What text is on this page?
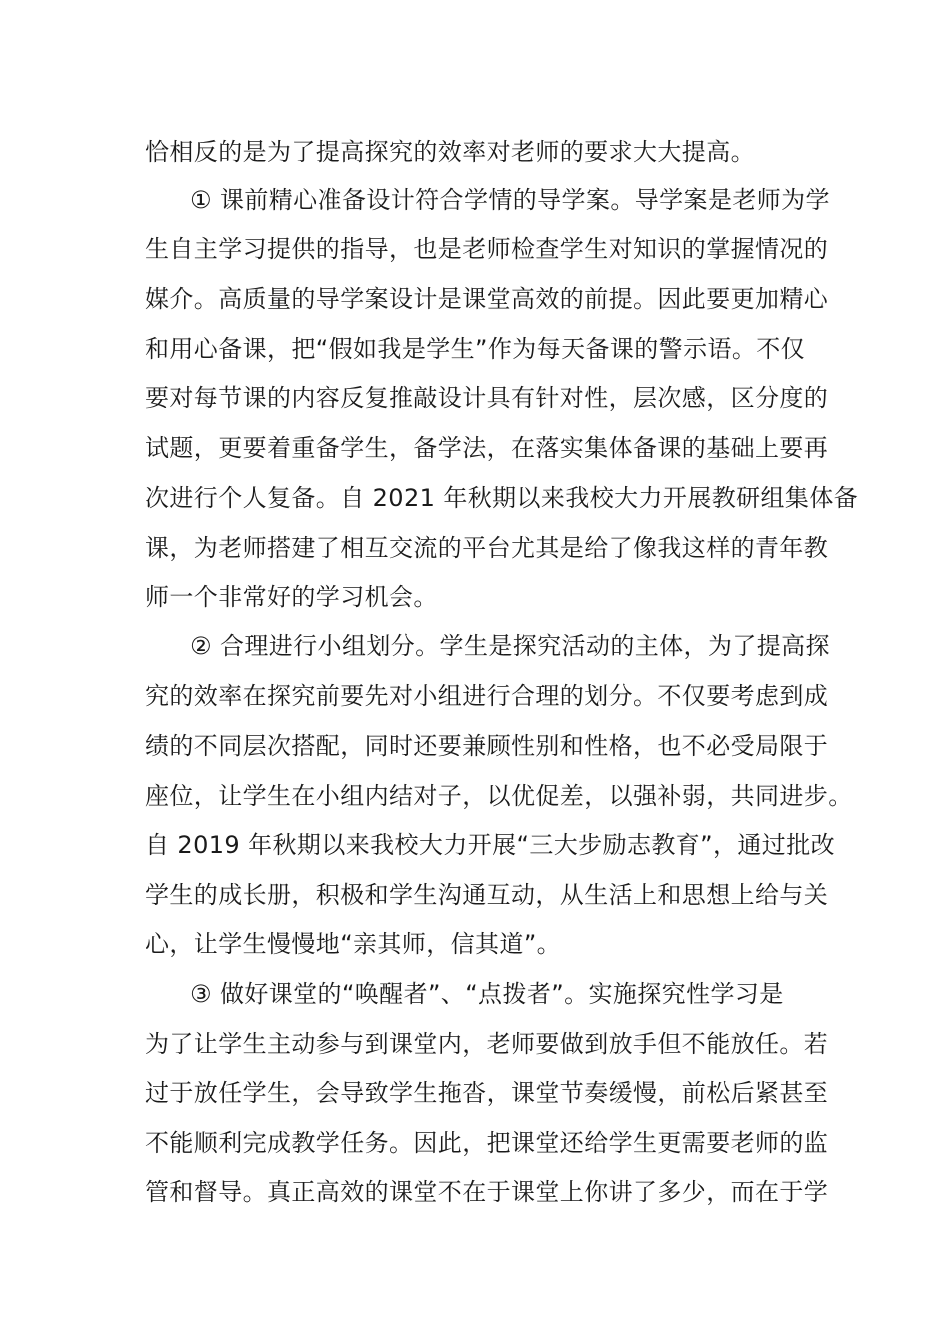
恰相反的是为了提高探究的效率对老师的要求大大提高。
① 课前精心准备设计符合学情的导学案。导学案是老师为学
生自主学习提供的指导，也是老师检查学生对知识的掌握情况的
媒介。高质量的导学案设计是课堂高效的前提。因此要更加精心
和用心备课，把“假如我是学生”作为每天备课的警示语。不仅
要对每节课的内容反复推敲设计具有针对性，层次感，区分度的
试题，更要着重备学生，备学法，在落实集体备课的基础上要再
次进行个人复备。自 2021 年秋期以来我校大力开展教研组集体备
课，为老师搭建了相互交流的平台尤其是给了像我这样的青年教
师一个非常好的学习机会。
② 合理进行小组划分。学生是探究活动的主体，为了提高探
究的效率在探究前要先对小组进行合理的划分。不仅要考虑到成
绩的不同层次搭配，同时还要兼顾性别和性格，也不必受局限于
座位，让学生在小组内结对子，以优促差，以强补弱，共同进步。
自 2019 年秋期以来我校大力开展“三大步励志教育”，通过批改
学生的成长册，积极和学生沟通互动，从生活上和思想上给与关
心，让学生慢慢地“亲其师，信其道”。
③ 做好课堂的“唤醒者”、“点拨者”。实施探究性学习是
为了让学生主动参与到课堂内，老师要做到放手但不能放任。若
过于放任学生，会导致学生拖沓，课堂节奏缓慢，前松后紧甚至
不能顺利完成教学任务。因此，把课堂还给学生更需要老师的监
管和督导。真正高效的课堂不在于课堂上你讲了多少，而在于学
